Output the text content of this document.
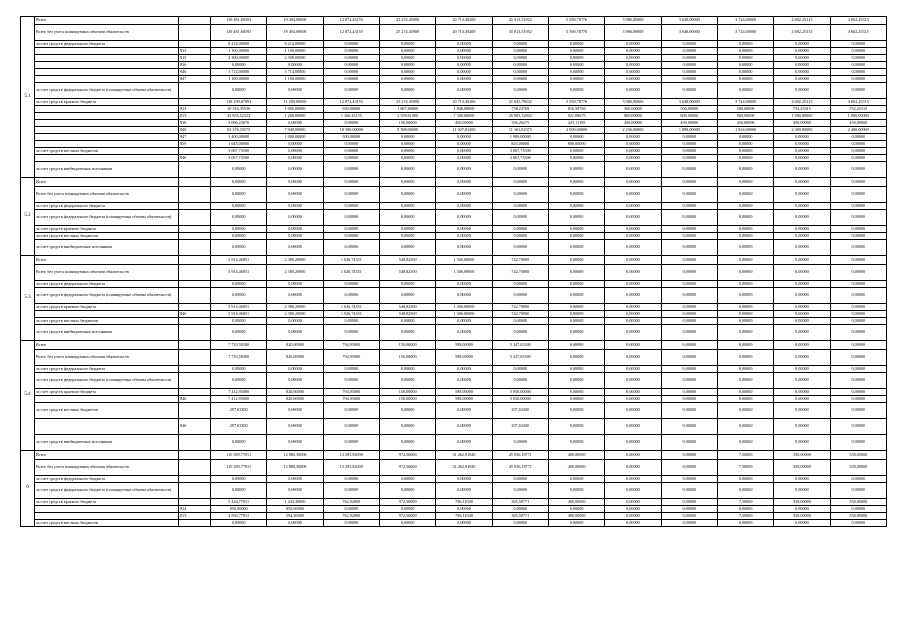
5.1	Всего		139 481,60593	19 494,00000	12 872,43155	25 274,45900	20 713,49200	45 013,51952	5 590,78776	3 986,00000	3 648,00000	3 724,00000	4 602,25315	4 602,25315
	Всего без учета планируемых объемов обязательств		139 481,60593	19 494,00000	12 872,43155	25 274,45900	20 713,49200	45 013,51952	5 590,78776	3 986,00000	3 648,00000	3 724,00000	4 602,25315	4 602,25315
	за счет средств федерального бюджета		8 214,00000	8 214,00000	0,00000	0,00000	0,00000	0,00000	0,00000	0,00000	0,00000	0,00000	0,00000	0,00000
		813	1 100,00000	1 100,00000	0,00000	0,00000	0,00000	0,00000	0,00000	0,00000	0,00000	0,00000	0,00000	0,00000
		815	2 300,00000	2 300,00000	0,00000	0,00000	0,00000	0,00000	0,00000	0,00000	0,00000	0,00000	0,00000	0,00000
		816	0,00000	0,00000	0,00000	0,00000	0,00000	0,00000	0,00000	0,00000	0,00000	0,00000	0,00000	0,00000
		846	3 714,00000	3 714,00000	0,00000	0,00000	0,00000	0,00000	0,00000	0,00000	0,00000	0,00000	0,00000	0,00000
		847	1 100,00000	1 100,00000	0,00000	0,00000	0,00000	0,00000	0,00000	0,00000	0,00000	0,00000	0,00000	0,00000
	за счет средств федерального бюджета (планируемые объемы обязательств)		0,00000	0,00000	0,00000	0,00000	0,00000	0,00000	0,00000	0,00000	0,00000	0,00000	0,00000	0,00000
	за счет средств краевого бюджета		128 199,87093	11 280,00000	12 872,43155	25 274,45900	20 713,49200	41 945,78432	5 590,78776	3 986,00000	3 648,00000	3 724,00000	4 602,25315	4 602,25315
		813	10 316,35536	1 000,00000	930,00000	1 867,86800	1 848,00000	758,23769	816,59766	500,00000	500,00000	500,00000	752,25315	752,25315
		815	45 855,52322	1 200,00000	1 160,43155	2 558,61000	7 380,00000	26 983,32992	921,08675	800,00000	800,00000	800,00000	1 000,00000	1 000,00000
		816	3 006,23670	0,00000	0,00000	150,00000	450,00000	356,26275	425,11395	450,00000	450,00000	450,00000	450,00000	450,00000
		846	63 276,33575	7 940,00000	10 390,00000	9 398,00000	11 027,81200	11 161,02575	2 090,00000	2 236,00000	1 898,00000	1 924,00000	2 400,00000	2 400,00000
		847	3 400,00000	1 000,00000	500,00000	0,00000	0,00000	1 900,00000	0,00000	0,00000	0,00000	0,00000	0,00000	0,00000
		859	1 645,00000	0,00000	0,00000	0,00000	0,00000	845,00000	800,00000	0,00000	0,00000	0,00000	0,00000	0,00000
	за счет средств местных бюджетов		3 067,73500	0,00000	0,00000	0,00000	0,00000	3 067,73500	0,00000	0,00000	0,00000	0,00000	0,00000	0,00000
		846	3 067,73500	0,00000	0,00000	0,00000	0,00000	3 067,73500	0,00000	0,00000	0,00000	0,00000	0,00000	0,00000
	за счет средств внебюджетных источников		0,00000	0,00000	0,00000	0,00000	0,00000	0,00000	0,00000	0,00000	0,00000	0,00000	0,00000	0,00000
5.2	Всего		0,00000	0,00000	0,00000	0,00000	0,00000	0,00000	0,00000	0,00000	0,00000	0,00000	0,00000	0,00000
	Всего без учета планируемых объемов обязательств		0,00000	0,00000	0,00000	0,00000	0,00000	0,00000	0,00000	0,00000	0,00000	0,00000	0,00000	0,00000
	за счет средств федерального бюджета		0,00000	0,00000	0,00000	0,00000	0,00000	0,00000	0,00000	0,00000	0,00000	0,00000	0,00000	0,00000
	за счет средств федерального бюджета (планируемые объемы обязательств)		0,00000	0,00000	0,00000	0,00000	0,00000	0,00000	0,00000	0,00000	0,00000	0,00000	0,00000	0,00000
	за счет средств краевого бюджета		0,00000	0,00000	0,00000	0,00000	0,00000	0,00000	0,00000	0,00000	0,00000	0,00000	0,00000	0,00000
	за счет средств местных бюджетов		0,00000	0,00000	0,00000	0,00000	0,00000	0,00000	0,00000	0,00000	0,00000	0,00000	0,00000	0,00000
	за счет средств внебюджетных источников		0,00000	0,00000	0,00000	0,00000	0,00000	0,00000	0,00000	0,00000	0,00000	0,00000	0,00000	0,00000
5.3	Всего		5 914,46851	2 380,20000	1 026,74351	548,82500	1 306,00000	742,70000	0,00000	0,00000	0,00000	0,00000	0,00000	0,00000
	Всего без учета планируемых объемов обязательств		5 914,46851	2 380,20000	1 026,74351	548,82500	1 306,00000	742,70000	0,00000	0,00000	0,00000	0,00000	0,00000	0,00000
	за счет средств федерального бюджета		0,00000	0,00000	0,00000	0,00000	0,00000	0,00000	0,00000	0,00000	0,00000	0,00000	0,00000	0,00000
	за счет средств федерального бюджета (планируемые объемы обязательств)		0,00000	0,00000	0,00000	0,00000	0,00000	0,00000	0,00000	0,00000	0,00000	0,00000	0,00000	0,00000
	за счет средств краевого бюджета		5 914,46851	2 380,20000	1 026,74351	548,82500	1 306,00000	742,70000	0,00000	0,00000	0,00000	0,00000	0,00000	0,00000
		846	5 914,46851	2 380,20000	1 026,74351	548,82500	1 306,00000	742,70000	0,00000	0,00000	0,00000	0,00000	0,00000	0,00000
	за счет средств местных бюджетов		0,00000	0,00000	0,00000	0,00000	0,00000	0,00000	0,00000	0,00000	0,00000	0,00000	0,00000	0,00000
	за счет средств внебюджетных источников		0,00000	0,00000	0,00000	0,00000	0,00000	0,00000	0,00000	0,00000	0,00000	0,00000	0,00000	0,00000
5.4	Всего		7 710,58300	820,00000	794,95000	150,00000	598,00000	5 347,63300	0,00000	0,00000	0,00000	0,00000	0,00000	0,00000
	Всего без учета планируемых объемов обязательств		7 710,58300	820,00000	794,95000	150,00000	598,00000	5 347,63300	0,00000	0,00000	0,00000	0,00000	0,00000	0,00000
	за счет средств федерального бюджета		0,00000	0,00000	0,00000	0,00000	0,00000	0,00000	0,00000	0,00000	0,00000	0,00000	0,00000	0,00000
	за счет средств федерального бюджета (планируемые объемы обязательств)		0,00000	0,00000	0,00000	0,00000	0,00000	0,00000	0,00000	0,00000	0,00000	0,00000	0,00000	0,00000
	за счет средств краевого бюджета		7 412,95000	820,00000	794,95000	150,00000	598,00000	5 050,00000	0,00000	0,00000	0,00000	0,00000	0,00000	0,00000
		846	7 412,95000	820,00000	794,95000	150,00000	598,00000	5 050,00000	0,00000	0,00000	0,00000	0,00000	0,00000	0,00000
	за счет средств местных бюджетов		297,63300	0,00000	0,00000	0,00000	0,00000	297,63300	0,00000	0,00000	0,00000	0,00000	0,00000	0,00000
		846	297,63300	0,00000	0,00000	0,00000	0,00000	297,63300	0,00000	0,00000	0,00000	0,00000	0,00000	0,00000
	за счет средств внебюджетных источников		0,00000	0,00000	0,00000	0,00000	0,00000	0,00000	0,00000	0,00000	0,00000	0,00000	0,00000	0,00000
6	Всего		110 389,77811	12 880,30000	13 295,82000	972,56000	31 262,91040	45 936,18771	400,00000	0,00000	0,00000	7,50000	358,00000	358,00000
	Всего без учета планируемых объемов обязательств		110 389,77811	12 880,30000	13 295,82000	972,56000	31 262,91040	45 936,18771	400,00000	0,00000	0,00000	7,50000	358,00000	358,00000
	за счет средств федерального бюджета		0,00000	0,00000	0,00000	0,00000	0,00000	0,00000	0,00000	0,00000	0,00000	0,00000	0,00000	0,00000
	за счет средств федерального бюджета (планируемые объемы обязательств)		0,00000	0,00000	0,00000	0,00000	0,00000	0,00000	0,00000	0,00000	0,00000	0,00000	0,00000	0,00000
	за счет средств краевого бюджета		5 444,77811	1 434,30000	762,02000	972,56000	786,11040	365,58771	400,00000	0,00000	0,00000	7,50000	358,00000	358,00000
		814	850,00000	850,00000	0,00000	0,00000	0,00000	0,00000	0,00000	0,00000	0,00000	0,00000	0,00000	0,00000
		815	4 594,77811	584,30000	762,02000	972,56000	786,11040	365,58771	400,00000	0,00000	0,00000	7,50000	358,00000	358,00000
	за счет средств местных бюджетов		0,00000	0,00000	0,00000	0,00000	0,00000	0,00000	0,00000	0,00000	0,00000	0,00000	0,00000	0,00000
